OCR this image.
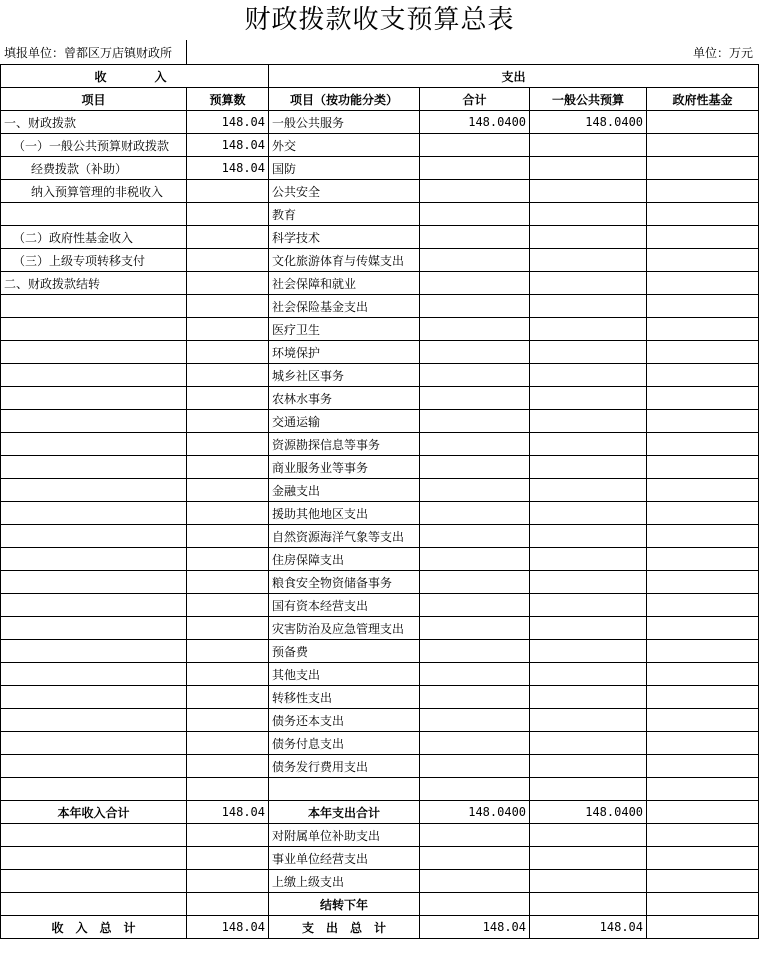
财政拨款收支预算总表
填报单位：曾都区万店镇财政所	单位：万元
收　　入		支出			
项目	预算数	项目（按功能分类）	合计	一般公共预算	政府性基金
一、财政拨款	148.04	一般公共服务	148.0400	148.0400	
（一）一般公共预算财政拨款	148.04	外交			
经费拨款（补助）	148.04	国防			
纳入预算管理的非税收入		公共安全			
		教育			
（二）政府性基金收入		科学技术			
（三）上级专项转移支付		文化旅游体育与传媒支出			
二、财政拨款结转		社会保障和就业			
		社会保险基金支出			
		医疗卫生			
		环境保护			
		城乡社区事务			
		农林水事务			
		交通运输			
		资源勘探信息等事务			
		商业服务业等事务			
		金融支出			
		援助其他地区支出			
		自然资源海洋气象等支出			
		住房保障支出			
		粮食安全物资储备事务			
		国有资本经营支出			
		灾害防治及应急管理支出			
		预备费			
		其他支出			
		转移性支出			
		债务还本支出			
		债务付息支出			
		债务发行费用支出			

本年收入合计	148.04	本年支出合计	148.0400	148.0400	
		对附属单位补助支出			
		事业单位经营支出			
		上缴上级支出			
		结转下年			
收　入　总　计	148.04	支　出　总　计	148.04	148.04	
